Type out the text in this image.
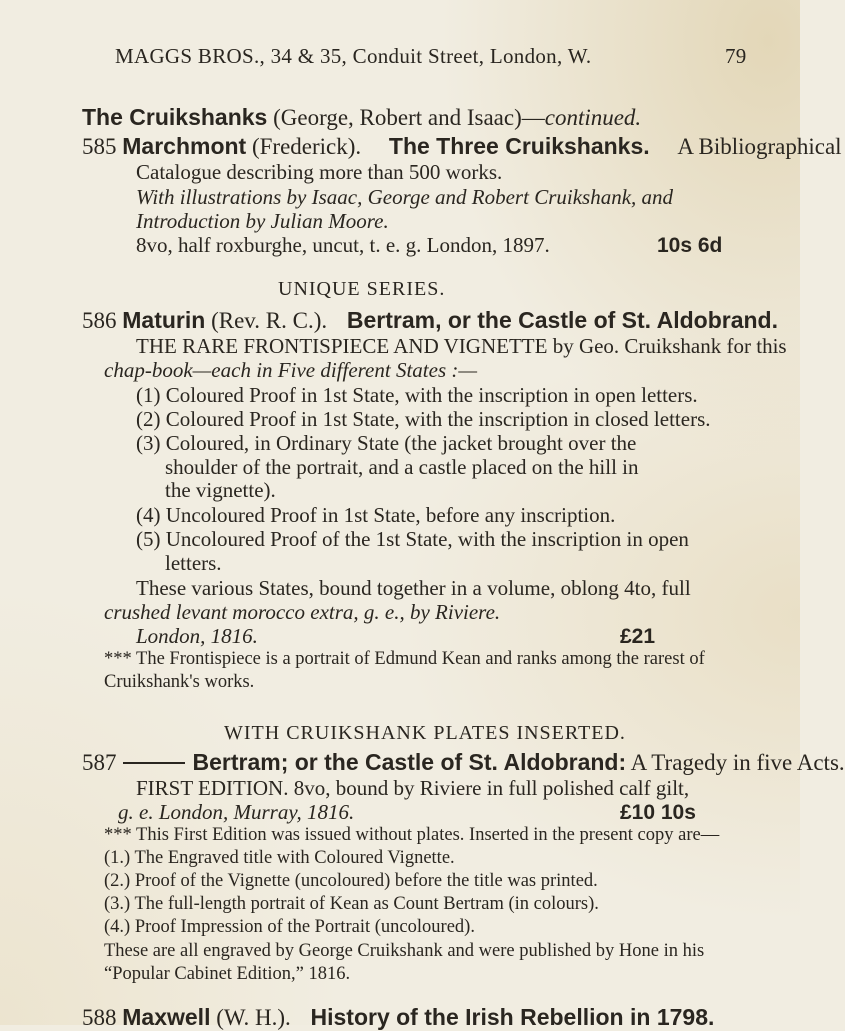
MAGGS BROS., 34 & 35, Conduit Street, London, W.	79
The Cruikshanks (George, Robert and Isaac)—continued.
585 Marchmont (Frederick). The Three Cruikshanks. A Bibliographical
Catalogue describing more than 500 works.
With illustrations by Isaac, George and Robert Cruikshank, and
Introduction by Julian Moore.
8vo, half roxburghe, uncut, t. e. g. London, 1897.	10s 6d
UNIQUE SERIES.
586 Maturin (Rev. R. C.). Bertram, or the Castle of St. Aldobrand.
THE RARE FRONTISPIECE AND VIGNETTE by Geo. Cruikshank for this
chap-book—each in Five different States :—
(1) Coloured Proof in 1st State, with the inscription in open letters.
(2) Coloured Proof in 1st State, with the inscription in closed letters.
(3) Coloured, in Ordinary State (the jacket brought over the
shoulder of the portrait, and a castle placed on the hill in
the vignette).
(4) Uncoloured Proof in 1st State, before any inscription.
(5) Uncoloured Proof of the 1st State, with the inscription in open
letters.
These various States, bound together in a volume, oblong 4to, full
crushed levant morocco extra, g. e., by Riviere.
London, 1816.	£21
*** The Frontispiece is a portrait of Edmund Kean and ranks among the rarest of
Cruikshank's works.
WITH CRUIKSHANK PLATES INSERTED.
587	Bertram; or the Castle of St. Aldobrand: A Tragedy in five Acts.
FIRST EDITION. 8vo, bound by Riviere in full polished calf gilt,
g. e. London, Murray, 1816.	£10 10s
*** This First Edition was issued without plates. Inserted in the present copy are—
(1.) The Engraved title with Coloured Vignette.
(2.) Proof of the Vignette (uncoloured) before the title was printed.
(3.) The full-length portrait of Kean as Count Bertram (in colours).
(4.) Proof Impression of the Portrait (uncoloured).
These are all engraved by George Cruikshank and were published by Hone in his
“Popular Cabinet Edition,” 1816.
588 Maxwell (W. H.). History of the Irish Rebellion in 1798.
